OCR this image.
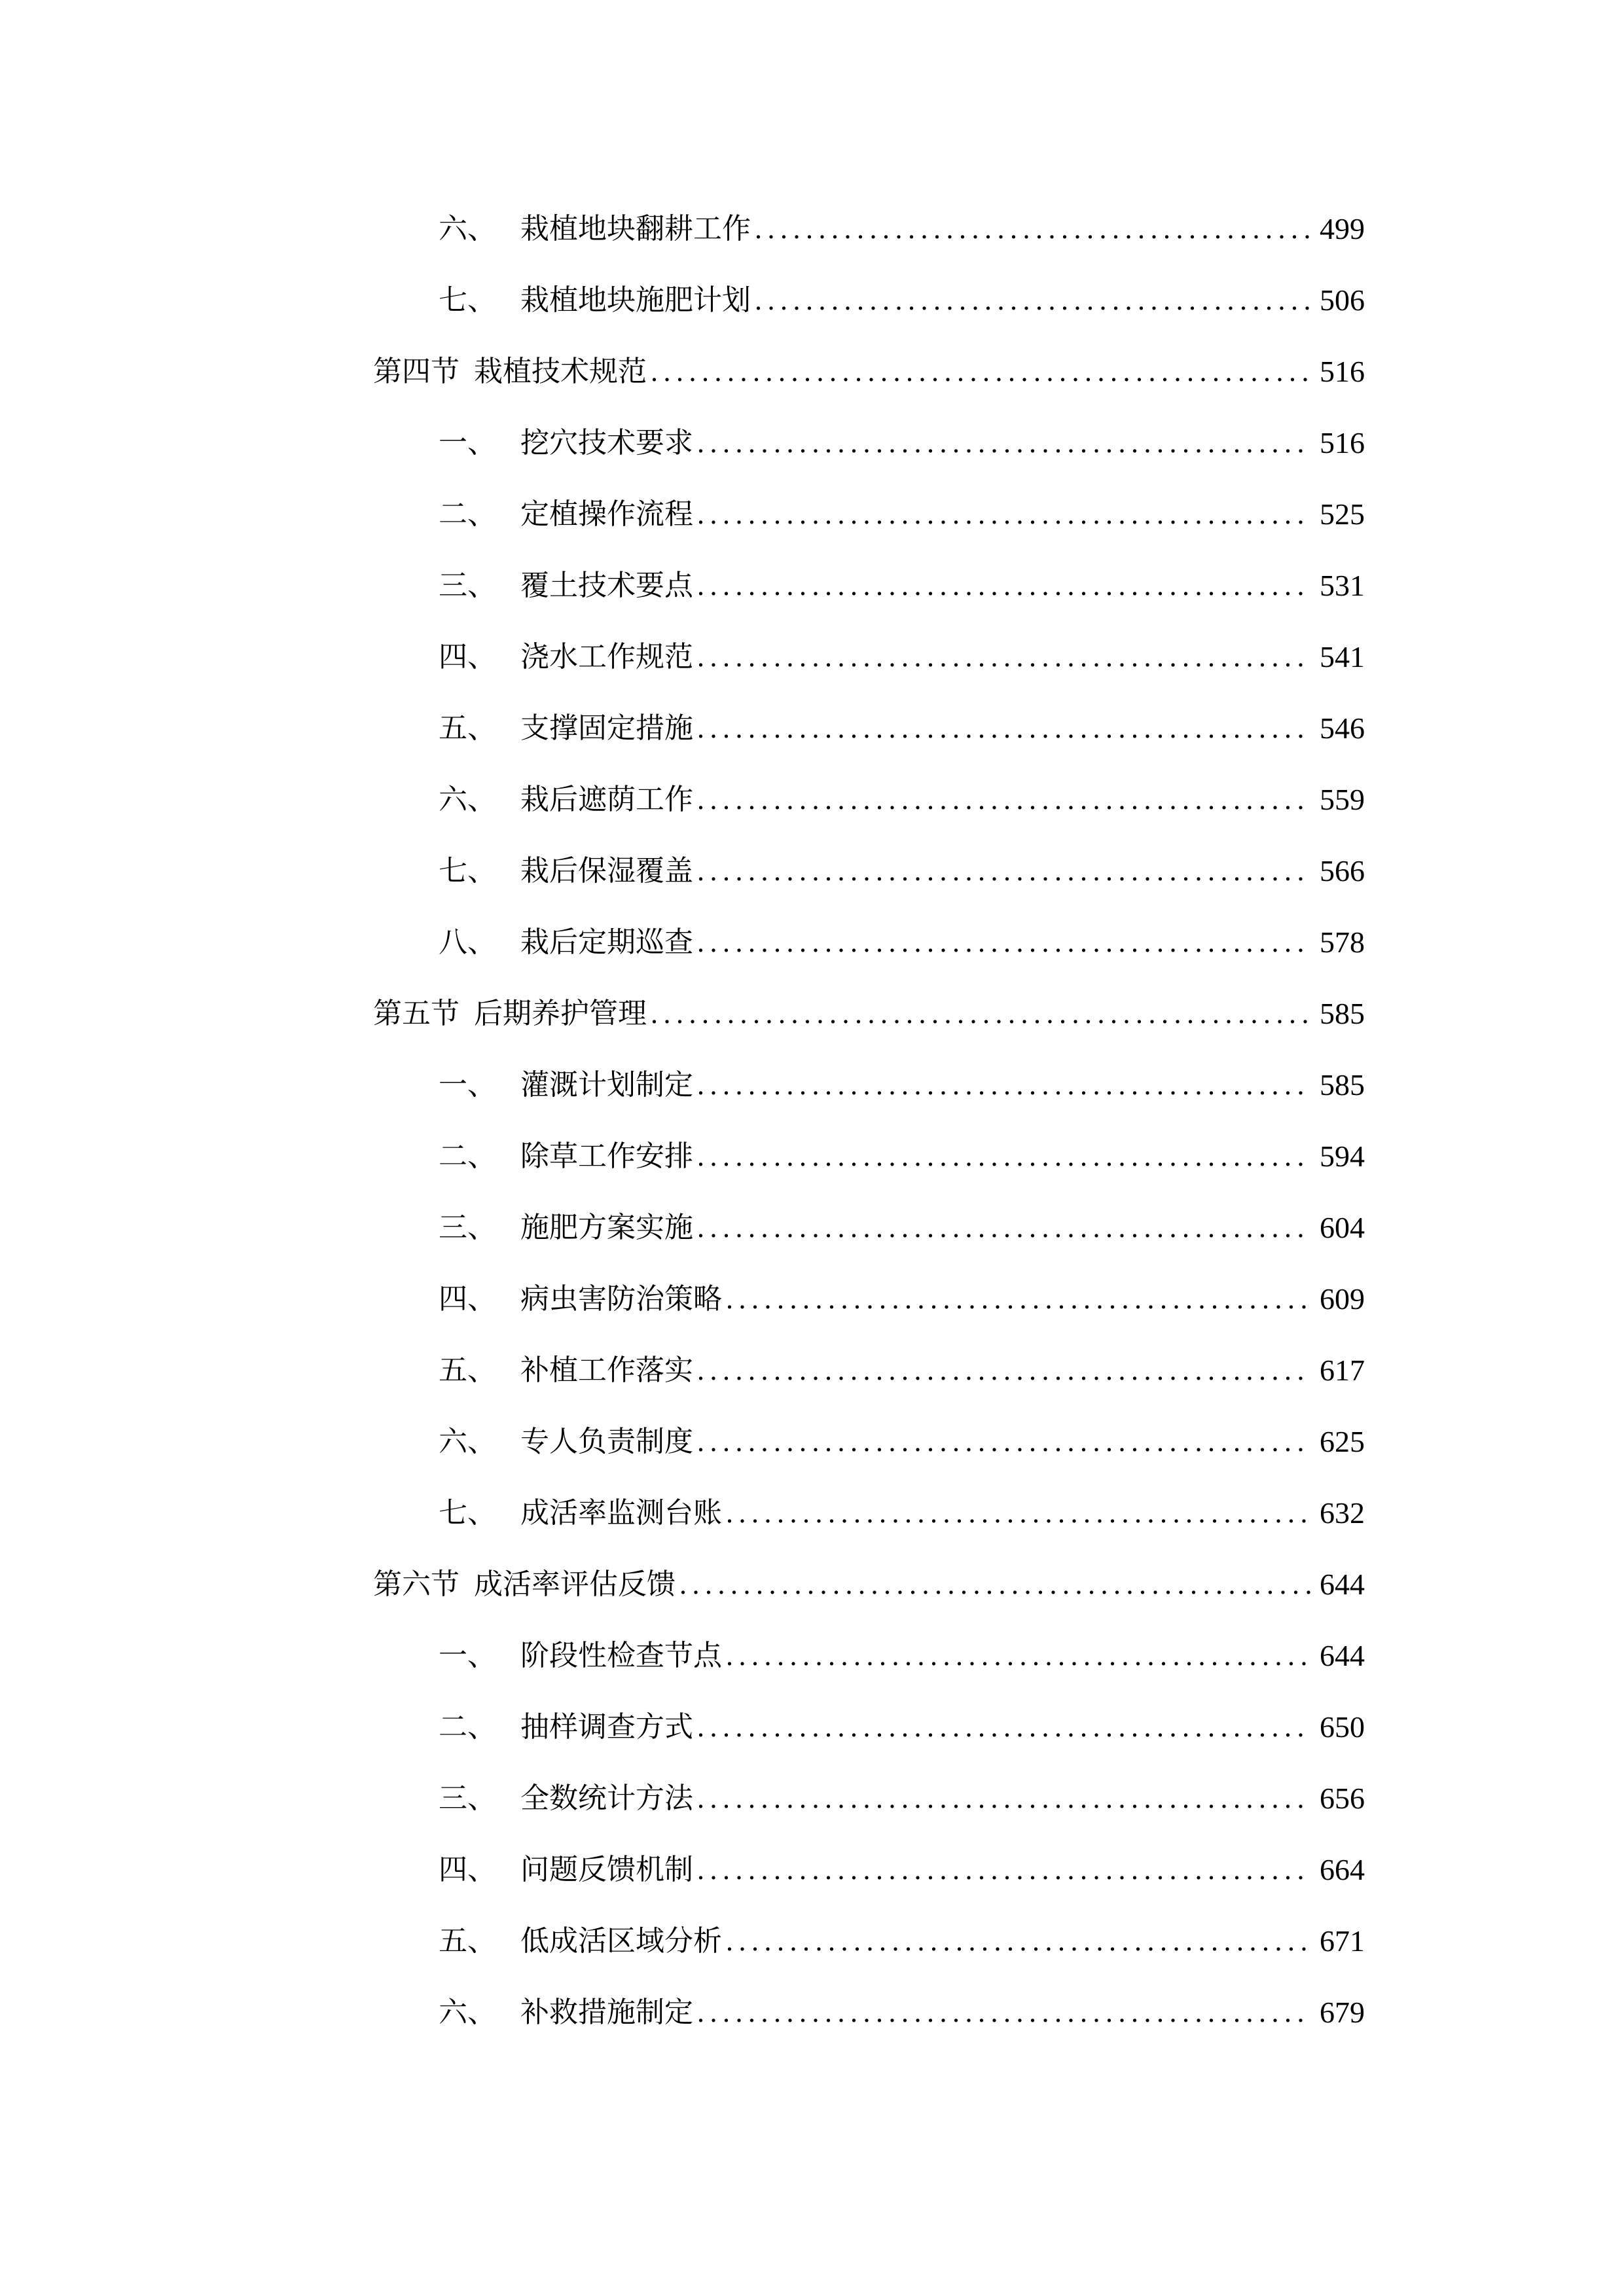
六、 栽植地块翻耕工作 .....	499
七、 栽植地块施肥计划 .....	506
第四节 栽植技术规范 .....	516
一、 挖穴技术要求 .....	516
二、 定植操作流程 .....	525
三、 覆土技术要点 .....	531
四、 浇水工作规范 .....	541
五、 支撑固定措施 .....	546
六、 栽后遮荫工作 .....	559
七、 栽后保湿覆盖 .....	566
八、 栽后定期巡查 .....	578
第五节 后期养护管理 .....	585
一、 灌溉计划制定 .....	585
二、 除草工作安排 .....	594
三、 施肥方案实施 .....	604
四、 病虫害防治策略 .....	609
五、 补植工作落实 .....	617
六、 专人负责制度 .....	625
七、 成活率监测台账 .....	632
第六节 成活率评估反馈 .....	644
一、 阶段性检查节点 .....	644
二、 抽样调查方式 .....	650
三、 全数统计方法 .....	656
四、 问题反馈机制 .....	664
五、 低成活区域分析 .....	671
六、 补救措施制定 .....	679
